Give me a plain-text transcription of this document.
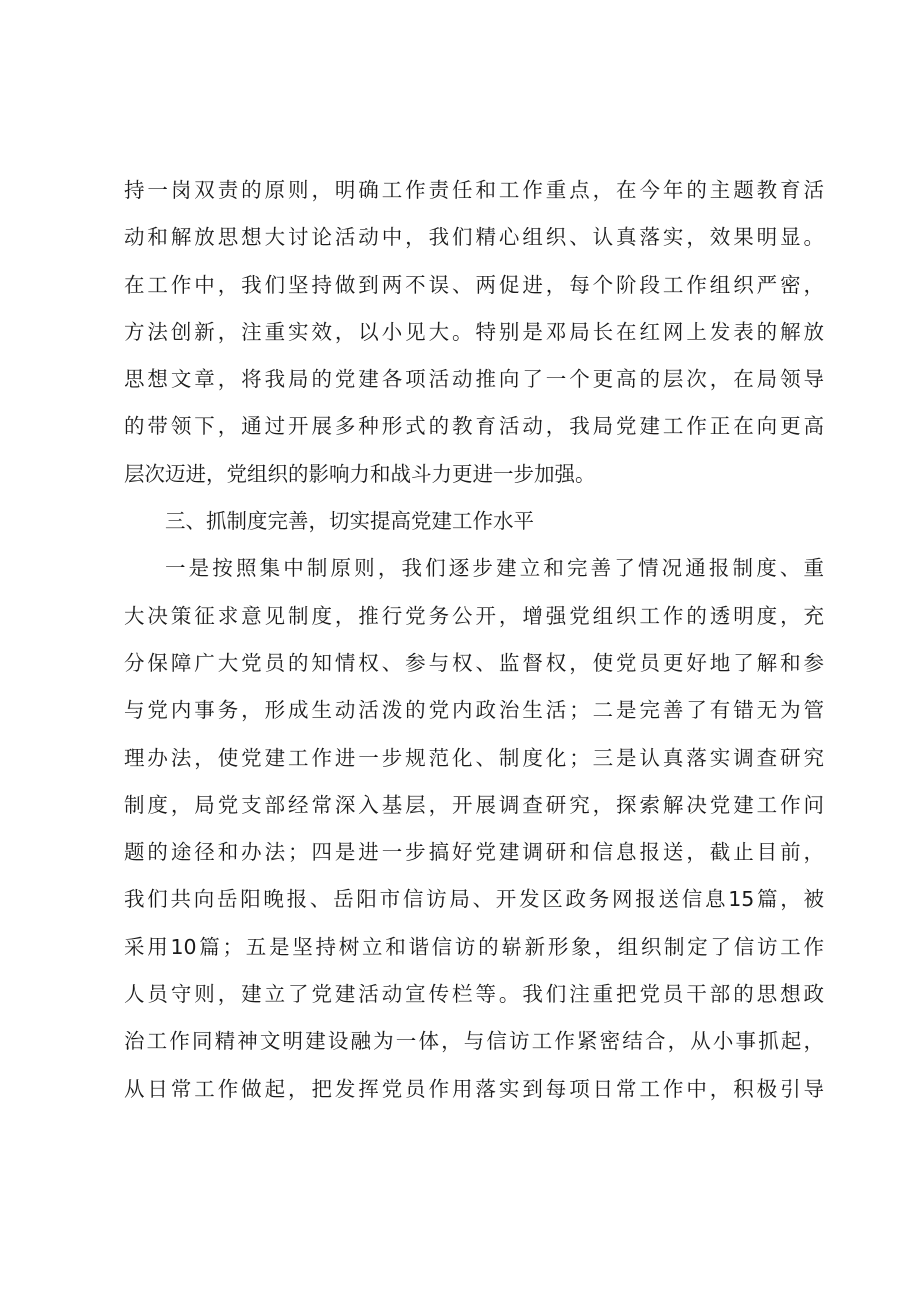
持一岗双责的原则，明确工作责任和工作重点，在今年的主题教育活
动和解放思想大讨论活动中，我们精心组织、认真落实，效果明显。
在工作中，我们坚持做到两不误、两促进，每个阶段工作组织严密，
方法创新，注重实效，以小见大。特别是邓局长在红网上发表的解放
思想文章，将我局的党建各项活动推向了一个更高的层次，在局领导
的带领下，通过开展多种形式的教育活动，我局党建工作正在向更高
层次迈进，党组织的影响力和战斗力更进一步加强。
三、抓制度完善，切实提高党建工作水平
一是按照集中制原则，我们逐步建立和完善了情况通报制度、重
大决策征求意见制度，推行党务公开，增强党组织工作的透明度，充
分保障广大党员的知情权、参与权、监督权，使党员更好地了解和参
与党内事务，形成生动活泼的党内政治生活；二是完善了有错无为管
理办法，使党建工作进一步规范化、制度化；三是认真落实调查研究
制度，局党支部经常深入基层，开展调查研究，探索解决党建工作问
题的途径和办法；四是进一步搞好党建调研和信息报送，截止目前，
我们共向岳阳晚报、岳阳市信访局、开发区政务网报送信息15篇，被
采用10篇；五是坚持树立和谐信访的崭新形象，组织制定了信访工作
人员守则，建立了党建活动宣传栏等。我们注重把党员干部的思想政
治工作同精神文明建设融为一体，与信访工作紧密结合，从小事抓起，
从日常工作做起，把发挥党员作用落实到每项日常工作中，积极引导
